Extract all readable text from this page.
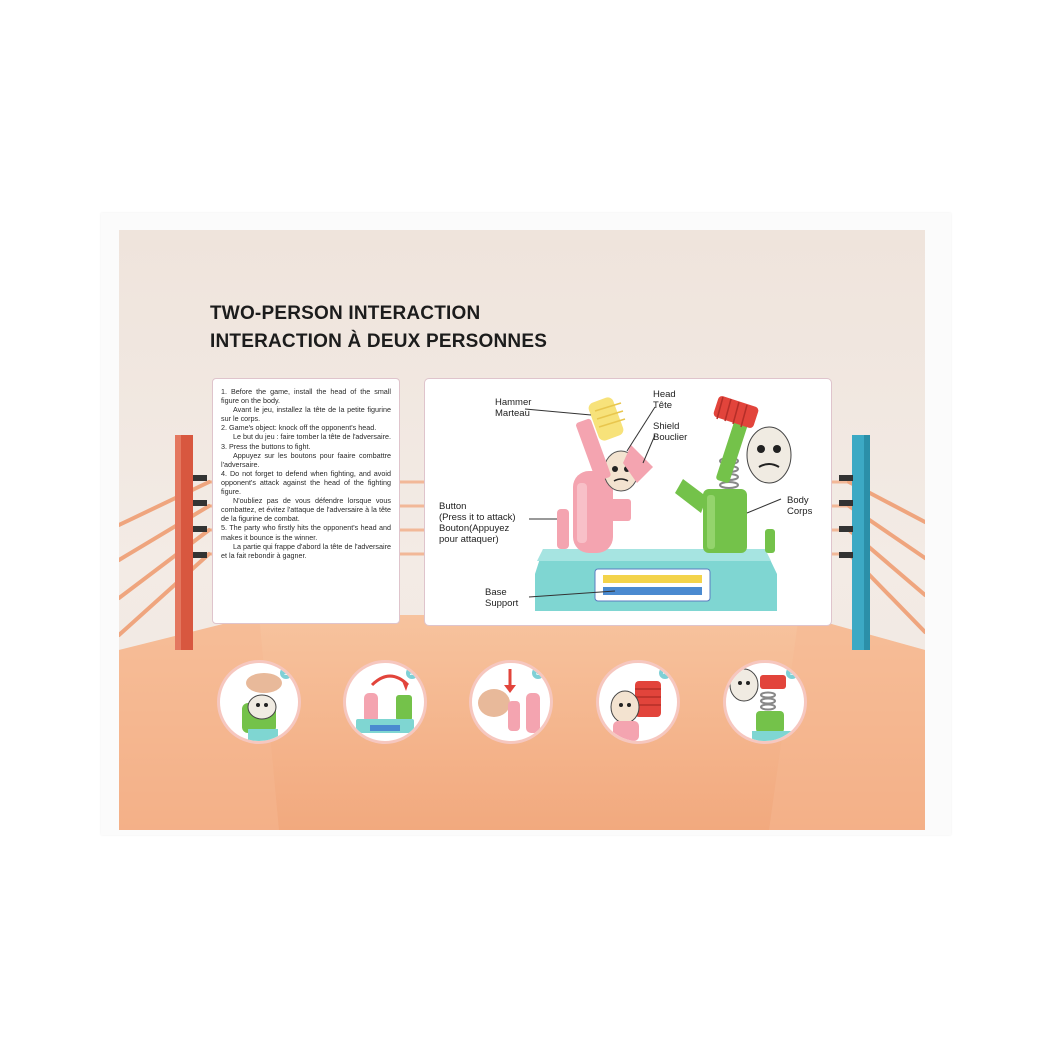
TWO-PERSON INTERACTION
INTERACTION À DEUX PERSONNES

1. Before the game, install the head of the small figure on the body.

Avant le jeu, installez la tête de la petite figurine sur le corps.

2. Game's object: knock off the opponent's head.

Le but du jeu : faire tomber la tête de l'adversaire.

3. Press the buttons to fight.

Appuyez sur les boutons pour faaire combattre l'adversaire.

4. Do not forget to defend when fighting, and avoid opponent's attack against the head of the fighting figure.

N'oubliez pas de vous défendre lorsque vous combattez, et évitez l'attaque de l'adversaire à la tête de la figurine de combat.

5. The party who firstly hits the opponent's head and makes it bounce is the winner.

La partie qui frappe d'abord la tête de l'adversaire et la fait rebondir à gagner.

Hammer
Marteau
Head
Tête
Shield
Bouclier
Button
(Press it to attack)
Bouton(Appuyez
pour attaquer)
Body
Corps
Base
Support
1	2	3	4	5
